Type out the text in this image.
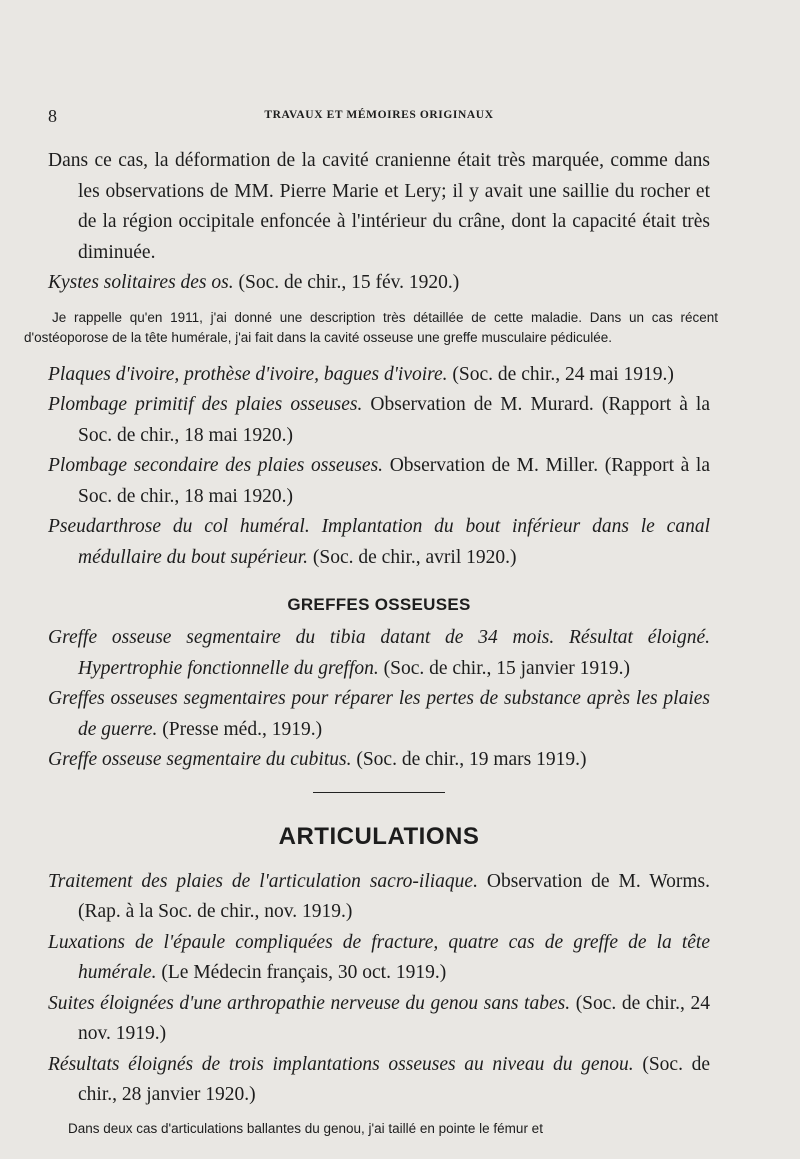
8	TRAVAUX ET MÉMOIRES ORIGINAUX

Dans ce cas, la déformation de la cavité cranienne était très marquée, comme dans les observations de MM. Pierre Marie et Lery; il y avait une saillie du rocher et de la région occipitale enfoncée à l'intérieur du crâne, dont la capacité était très diminuée.

Kystes solitaires des os. (Soc. de chir., 15 fév. 1920.)

Je rappelle qu'en 1911, j'ai donné une description très détaillée de cette maladie. Dans un cas récent d'ostéoporose de la tête humérale, j'ai fait dans la cavité osseuse une greffe musculaire pédiculée.

Plaques d'ivoire, prothèse d'ivoire, bagues d'ivoire. (Soc. de chir., 24 mai 1919.)

Plombage primitif des plaies osseuses. Observation de M. Murard. (Rapport à la Soc. de chir., 18 mai 1920.)

Plombage secondaire des plaies osseuses. Observation de M. Miller. (Rapport à la Soc. de chir., 18 mai 1920.)

Pseudarthrose du col huméral. Implantation du bout inférieur dans le canal médullaire du bout supérieur. (Soc. de chir., avril 1920.)

GREFFES OSSEUSES

Greffe osseuse segmentaire du tibia datant de 34 mois. Résultat éloigné. Hypertrophie fonctionnelle du greffon. (Soc. de chir., 15 janvier 1919.)

Greffes osseuses segmentaires pour réparer les pertes de substance après les plaies de guerre. (Presse méd., 1919.)

Greffe osseuse segmentaire du cubitus. (Soc. de chir., 19 mars 1919.)

ARTICULATIONS

Traitement des plaies de l'articulation sacro-iliaque. Observation de M. Worms. (Rap. à la Soc. de chir., nov. 1919.)

Luxations de l'épaule compliquées de fracture, quatre cas de greffe de la tête humérale. (Le Médecin français, 30 oct. 1919.)

Suites éloignées d'une arthropathie nerveuse du genou sans tabes. (Soc. de chir., 24 nov. 1919.)

Résultats éloignés de trois implantations osseuses au niveau du genou. (Soc. de chir., 28 janvier 1920.)

Dans deux cas d'articulations ballantes du genou, j'ai taillé en pointe le fémur et
